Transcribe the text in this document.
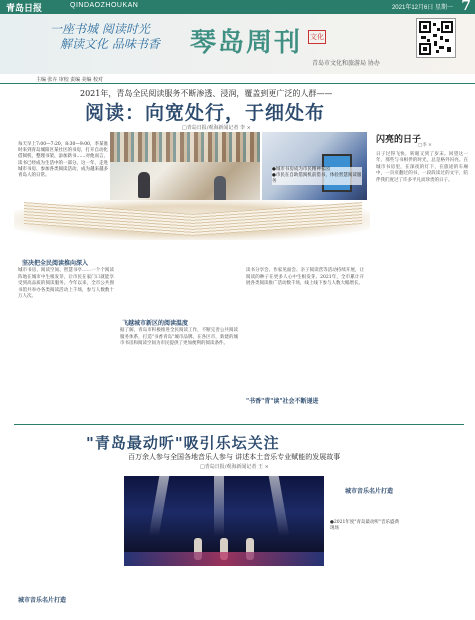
青岛日报	QINDAOZHOUKAN	2021年12月6日 星期一 7
一座书城 阅读时光
解读文化 品味书香 琴岛周刊 文化
青岛市文化和旅游局 协办
主编 张卉 审校 责编 美编 校对
2021年，青岛全民阅读服务不断渗透、浸润，覆盖到更广泛的人群——
阅读：向宽处行，于细处布
□青岛日报/观海新闻记者 李 ×
每天早上7:00—7:20，8:30—9:00，李某准时来到青岛城阳区某社区的书房，打开自动化借阅机，整理书架、添加新书……对他而言，读书已经成为生活中的一部分。这一年，走进城市书房、参加各类阅读活动，成为越来越多青岛人的日常。
●城市书房成为市民精神家园
●市民在自助借阅机前借书，体验智慧阅读服务
闪亮的日子
□李 ×
日子过得飞快，转眼又到了岁末。回望这一年，那些与书相伴的时光，总是格外闪亮。在城市书房里，在深夜的灯下，在旅途的车厢中，一页页翻过的书，一段段读过的文字，陪伴我们度过了许多平凡而珍贵的日子。
坚决把全民阅读推向深入
城市书房、阅读空间、智慧书亭……一个个阅读阵地在城市中生根发芽，让市民在家门口就能享受到高品质的阅读服务。今年以来，全市公共图书馆共举办各类阅读活动上千场，参与人数数十万人次。
飞越城市新区的阅读温度
据了解，青岛市积极推进全民阅读工作，不断完善公共阅读服务体系，打造"书香青岛"城市品牌。在各区市，新建的城市书房和阅读空间为市民提供了更加便利的阅读条件。
读书分享会、作家见面会、亲子阅读营等活动持续开展，让阅读的种子在更多人心中生根发芽。2021年，全市累计开展各类阅读推广活动数千场，线上线下参与人数大幅增长。
"书香"青"读"社会不断递进
"青岛最动听"吸引乐坛关注
百万余人参与全国各地音乐人参与 讲述本土音乐专业赋能的发展故事
□青岛日报/观海新闻记者 王 ×
●2021年度"青岛最动听"音乐盛典现场
城市音乐名片打造
城市音乐名片打造
